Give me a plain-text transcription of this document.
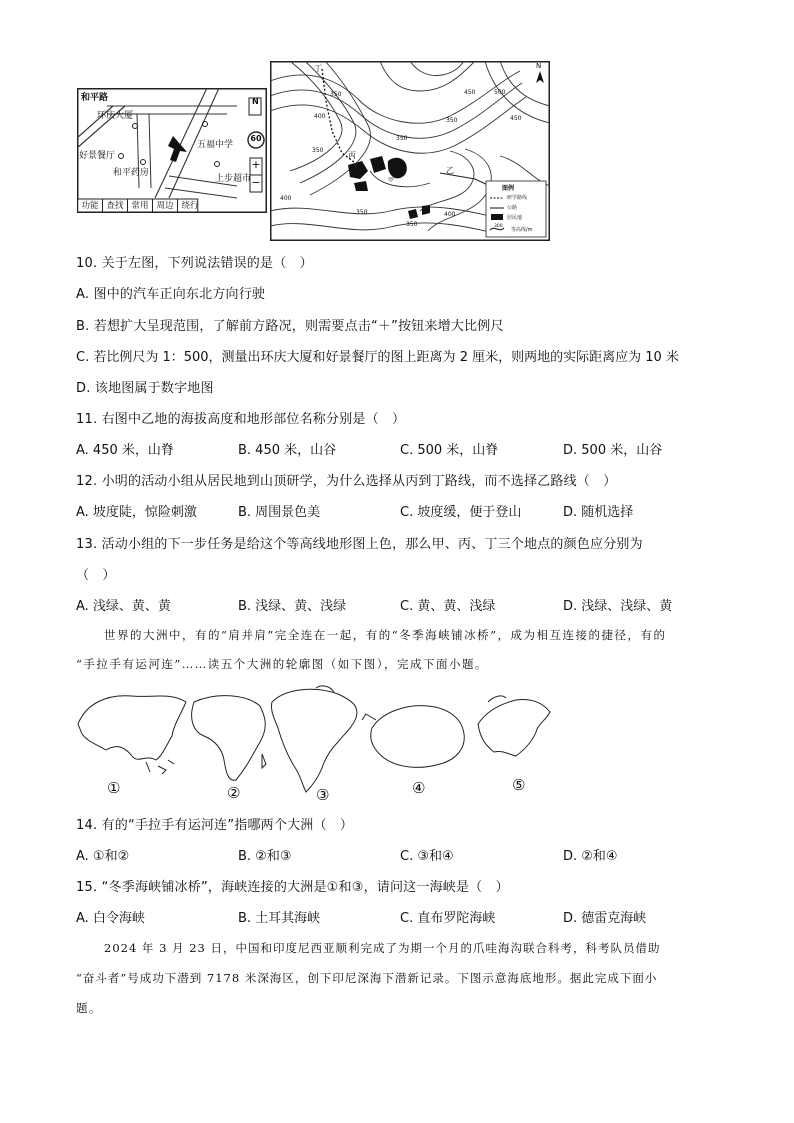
和平路
环庆大厦
好景餐厅
五福中学
和平药房
上步超市
N
60
+
−
功能 查找 常用 周边 绕行
丁
丙
乙
甲
N
450
400
350
350
350
400
500
450
350	400
350
350
图例
研学路线
公路
居民地
等高线/m
300
10. 关于左图，下列说法错误的是（　）
A. 图中的汽车正向东北方向行驶
B. 若想扩大呈现范围，了解前方路况，则需要点击“＋”按钮来增大比例尺
C. 若比例尺为 1：500，测量出环庆大厦和好景餐厅的图上距离为 2 厘米，则两地的实际距离应为 10 米
D. 该地图属于数字地图
11. 右图中乙地的海拔高度和地形部位名称分别是（　）
A. 450 米，山脊	B. 450 米，山谷	C. 500 米，山脊	D. 500 米，山谷
12. 小明的活动小组从居民地到山顶研学，为什么选择从丙到丁路线，而不选择乙路线（　）
A. 坡度陡，惊险刺激	B. 周围景色美	C. 坡度缓，便于登山	D. 随机选择
13. 活动小组的下一步任务是给这个等高线地形图上色，那么甲、丙、丁三个地点的颜色应分别为
（　）
A. 浅绿、黄、黄	B. 浅绿、黄、浅绿	C. 黄、黄、浅绿	D. 浅绿、浅绿、黄
世界的大洲中，有的“肩并肩”完全连在一起，有的“冬季海峡铺冰桥”，成为相互连接的捷径，有的
“手拉手有运河连”……读五个大洲的轮廓图（如下图），完成下面小题。
①	②	③	④	⑤
14. 有的“手拉手有运河连”指哪两个大洲（　）
A. ①和②	B. ②和③	C. ③和④	D. ②和④
15. “冬季海峡铺冰桥”，海峡连接的大洲是①和③，请问这一海峡是（　）
A. 白令海峡	B. 土耳其海峡	C. 直布罗陀海峡	D. 德雷克海峡
2024 年 3 月 23 日，中国和印度尼西亚顺利完成了为期一个月的爪哇海沟联合科考，科考队员借助
“奋斗者”号成功下潜到 7178 米深海区，创下印尼深海下潜新记录。下图示意海底地形。据此完成下面小
题。
